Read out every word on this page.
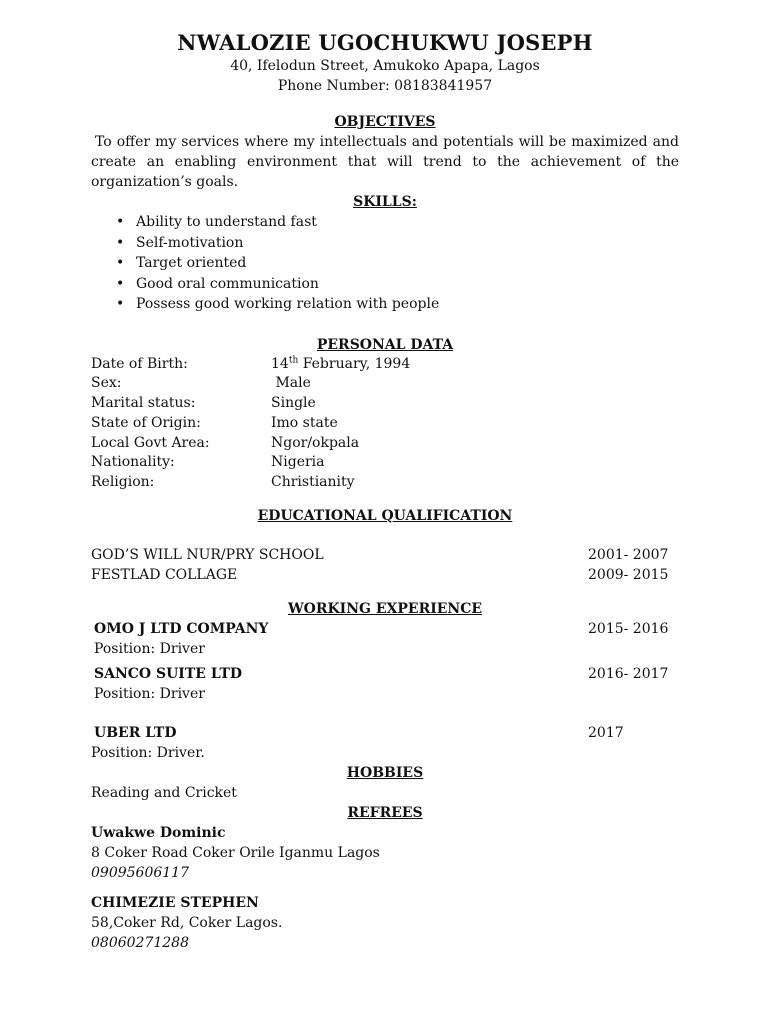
NWALOZIE UGOCHUKWU JOSEPH
40, Ifelodun Street, Amukoko Apapa, Lagos
Phone Number: 08183841957
OBJECTIVES
To offer my services where my intellectuals and potentials will be maximized and create an enabling environment that will trend to the achievement of the organization’s goals.
SKILLS:
• Ability to understand fast
• Self-motivation
• Target oriented
• Good oral communication
• Possess good working relation with people
PERSONAL DATA
Date of Birth:	14th February, 1994
Sex:	Male
Marital status:	Single
State of Origin:	Imo state
Local Govt Area:	Ngor/okpala
Nationality:	Nigeria
Religion:	Christianity
EDUCATIONAL QUALIFICATION
GOD’S WILL NUR/PRY SCHOOL	2001- 2007
FESTLAD COLLAGE	2009- 2015
WORKING EXPERIENCE
OMO J LTD COMPANY	2015- 2016
Position: Driver
SANCO SUITE LTD	2016- 2017
Position: Driver
UBER LTD	2017
Position: Driver.
HOBBIES
Reading and Cricket
REFREES
Uwakwe Dominic
8 Coker Road Coker Orile Iganmu Lagos
09095606117
CHIMEZIE STEPHEN
58,Coker Rd, Coker Lagos.
08060271288
